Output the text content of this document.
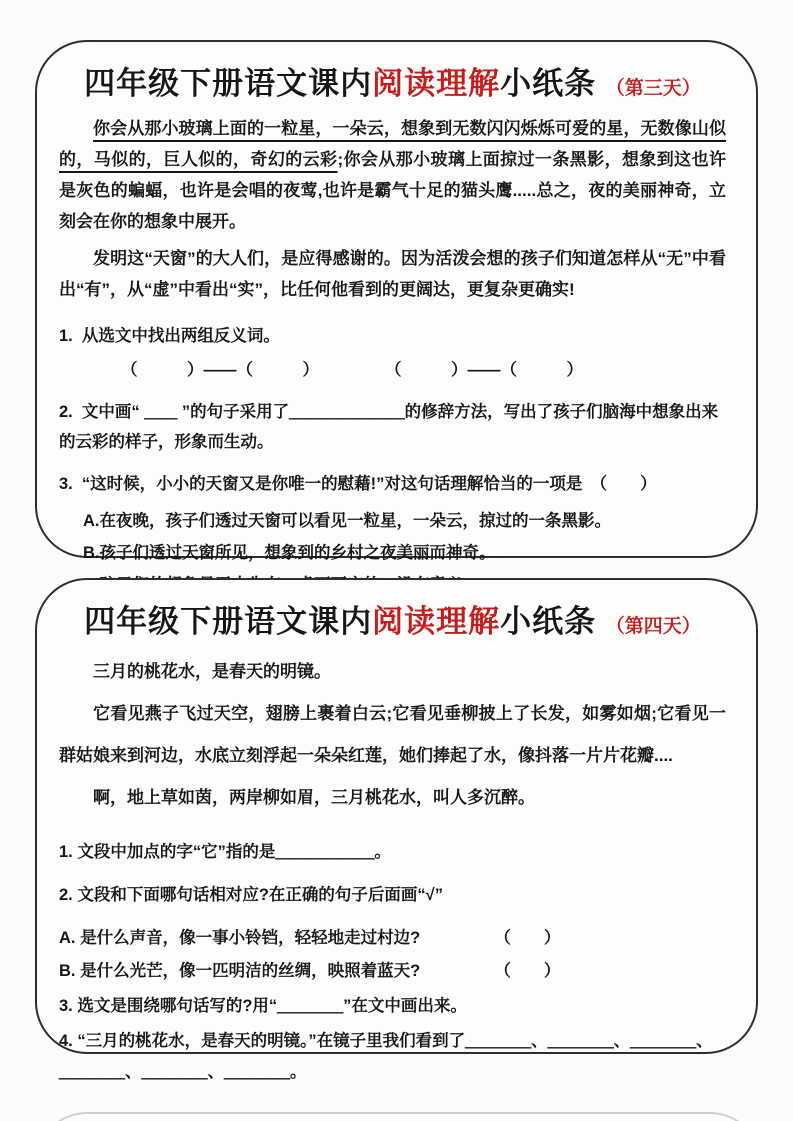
四年级下册语文课内阅读理解小纸条 （第三天）
你会从那小玻璃上面的一粒星，一朵云，想象到无数闪闪烁烁可爱的星，无数像山似的，马似的，巨人似的，奇幻的云彩;你会从那小玻璃上面掠过一条黑影，想象到这也许是灰色的蝙蝠，也许是会唱的夜莺,也许是霸气十足的猫头鹰.....总之，夜的美丽神奇，立刻会在你的想象中展开。
发明这“天窗”的大人们，是应得感谢的。因为活泼会想的孩子们知道怎样从“无”中看出“有”，从“虚”中看出“实”，比任何他看到的更阔达，更复杂更确实!
1.  从选文中找出两组反义词。
（　　　）——（　　　）　　　　　（　　　）——（　　　）
2.  文中画“ ＿＿ ”的句子采用了＿＿＿＿＿＿＿的修辞方法，写出了孩子们脑海中想象出来的云彩的样子，形象而生动。
3.  “这时候，小小的天窗又是你唯一的慰藉!”对这句话理解恰当的一项是　（　　）
A.在夜晚，孩子们透过天窗可以看见一粒星，一朵云，掠过的一条黑影。
B.孩子们透过天窗所见，想象到的乡村之夜美丽而神奇。
四年级下册语文课内阅读理解小纸条 （第四天）
三月的桃花水，是春天的明镜。
它看见燕子飞过天空，翅膀上裹着白云;它看见垂柳披上了长发，如雾如烟;它看见一群姑娘来到河边，水底立刻浮起一朵朵红莲，她们捧起了水，像抖落一片片花瓣....
啊，地上草如茵，两岸柳如眉，三月桃花水，叫人多沉醉。
1. 文段中加点的字“它”指的是＿＿＿＿＿＿。
2. 文段和下面哪句话相对应?在正确的句子后面画“√”
A. 是什么声音，像一事小铃铛，轻轻地走过村边?　　　　　（　　）
B. 是什么光芒，像一匹明洁的丝绸，映照着蓝天?　　　　　（　　）
3. 选文是围绕哪句话写的?用“＿＿＿＿”在文中画出来。
4. “三月的桃花水，是春天的明镜。”在镜子里我们看到了＿＿＿＿、＿＿＿＿、＿＿＿＿、＿＿＿＿、＿＿＿＿、＿＿＿＿。
